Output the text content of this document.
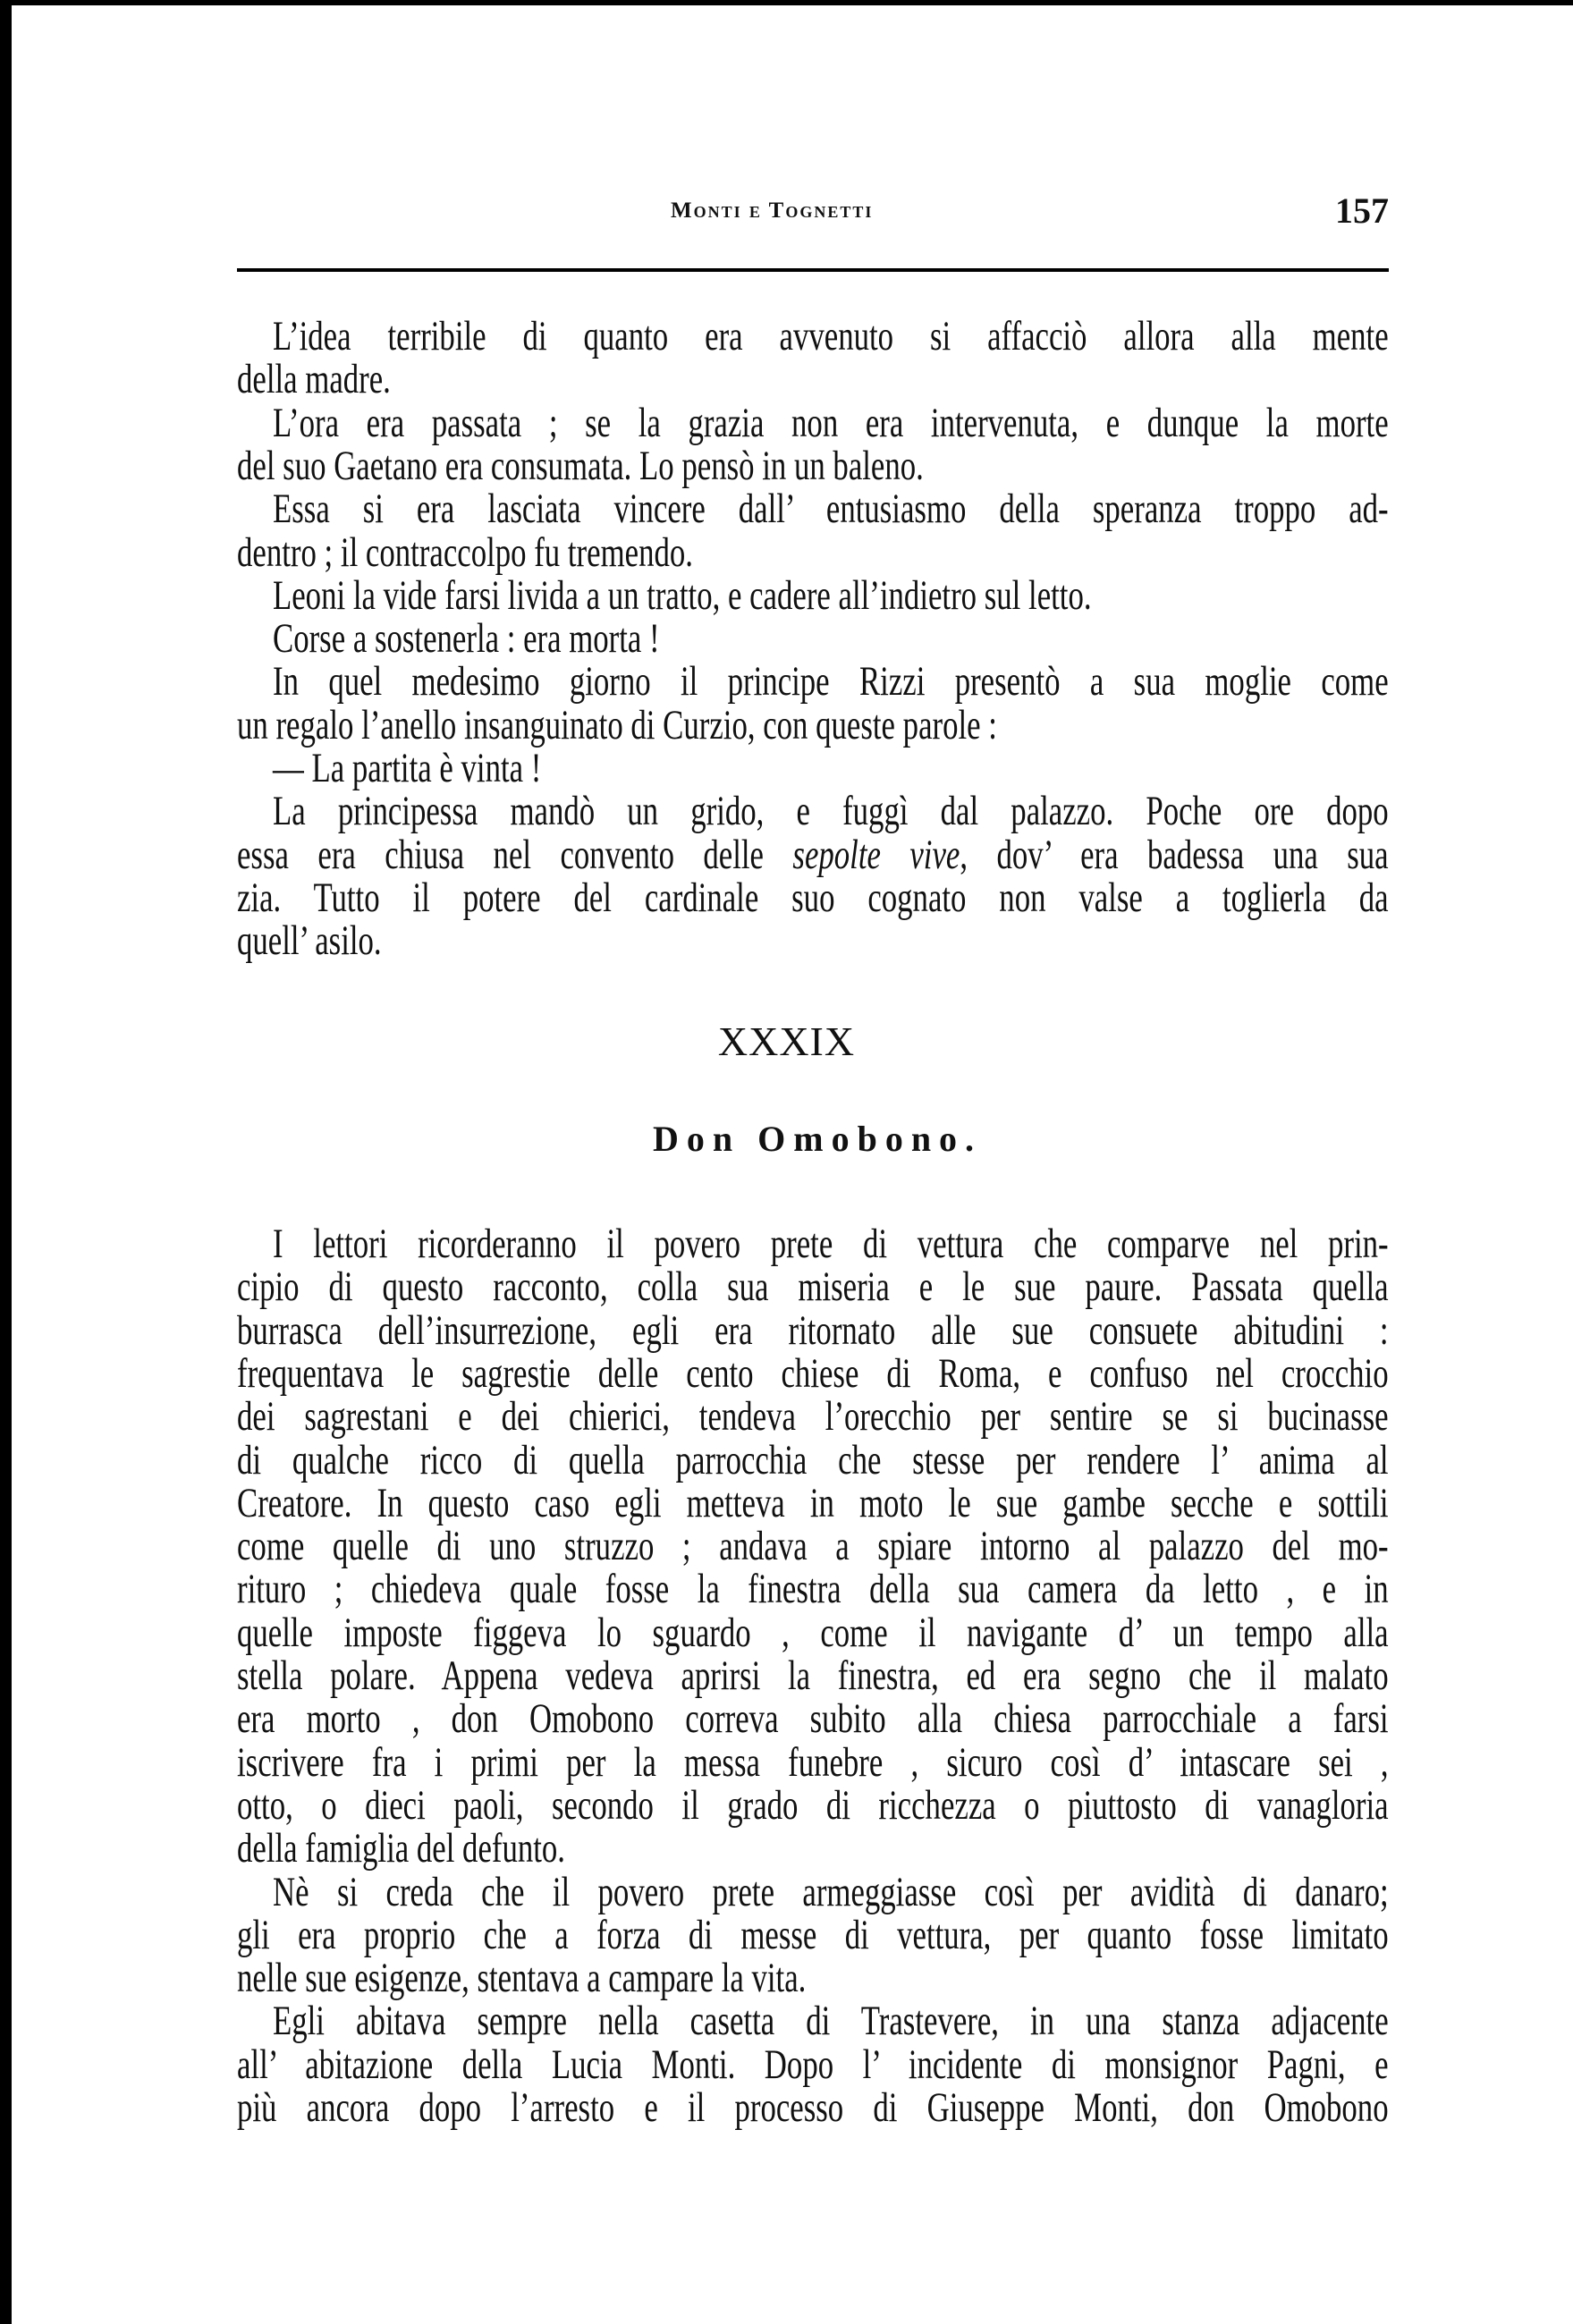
Monti e Tognetti	157
L’idea terribile di quanto era avvenuto si affacciò allora alla mente
della madre.
L’ora era passata ; se la grazia non era intervenuta, e dunque la morte
del suo Gaetano era consumata. Lo pensò in un baleno.
Essa si era lasciata vincere dall’ entusiasmo della speranza troppo ad-
dentro ; il contraccolpo fu tremendo.
Leoni la vide farsi livida a un tratto, e cadere all’indietro sul letto.
Corse a sostenerla : era morta !
In quel medesimo giorno il principe Rizzi presentò a sua moglie come
un regalo l’anello insanguinato di Curzio, con queste parole :
— La partita è vinta !
La principessa mandò un grido, e fuggì dal palazzo. Poche ore dopo
essa era chiusa nel convento delle sepolte vive, dov’ era badessa una sua
zia. Tutto il potere del cardinale suo cognato non valse a toglierla da
quell’ asilo.
XXXIX
Don Omobono.
I lettori ricorderanno il povero prete di vettura che comparve nel prin-
cipio di questo racconto, colla sua miseria e le sue paure. Passata quella
burrasca dell’insurrezione, egli era ritornato alle sue consuete abitudini :
frequentava le sagrestie delle cento chiese di Roma, e confuso nel crocchio
dei sagrestani e dei chierici, tendeva l’orecchio per sentire se si bucinasse
di qualche ricco di quella parrocchia che stesse per rendere l’ anima al
Creatore. In questo caso egli metteva in moto le sue gambe secche e sottili
come quelle di uno struzzo ; andava a spiare intorno al palazzo del mo-
rituro ; chiedeva quale fosse la finestra della sua camera da letto , e in
quelle imposte figgeva lo sguardo , come il navigante d’ un tempo alla
stella polare. Appena vedeva aprirsi la finestra, ed era segno che il malato
era morto , don Omobono correva subito alla chiesa parrocchiale a farsi
iscrivere fra i primi per la messa funebre , sicuro così d’ intascare sei ,
otto, o dieci paoli, secondo il grado di ricchezza o piuttosto di vanagloria
della famiglia del defunto.
Nè si creda che il povero prete armeggiasse così per avidità di danaro;
gli era proprio che a forza di messe di vettura, per quanto fosse limitato
nelle sue esigenze, stentava a campare la vita.
Egli abitava sempre nella casetta di Trastevere, in una stanza adjacente
all’ abitazione della Lucia Monti. Dopo l’ incidente di monsignor Pagni, e
più ancora dopo l’arresto e il processo di Giuseppe Monti, don Omobono
